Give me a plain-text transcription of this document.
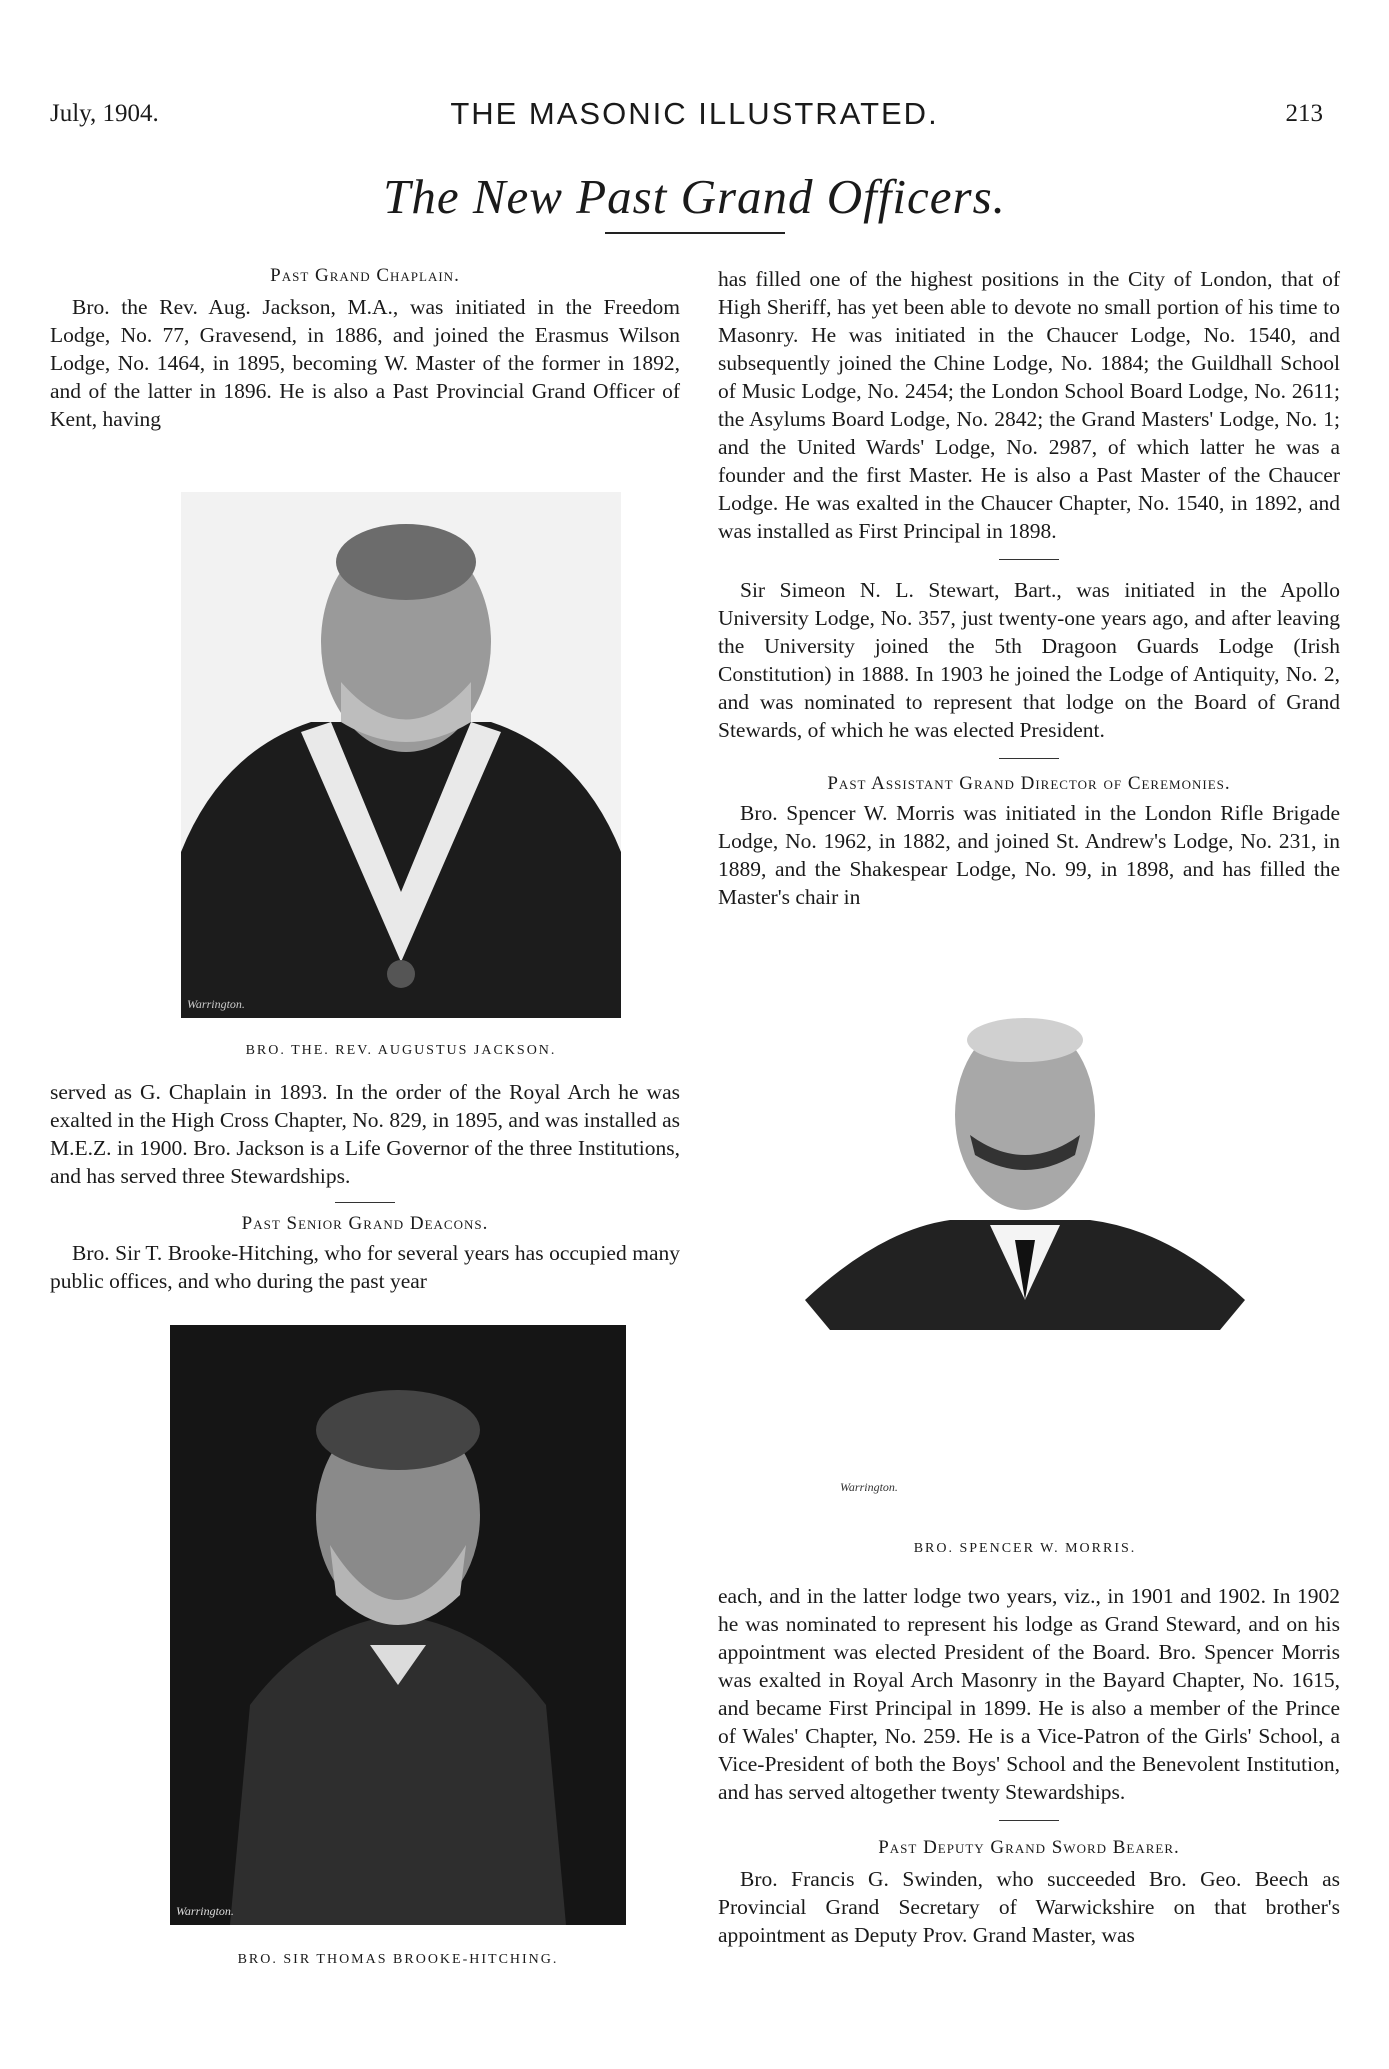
July, 1904.	THE MASONIC ILLUSTRATED.	213
The New Past Grand Officers.
Past Grand Chaplain.

Bro. the Rev. Aug. Jackson, M.A., was initiated in the Freedom Lodge, No. 77, Gravesend, in 1886, and joined the Erasmus Wilson Lodge, No. 1464, in 1895, becoming W. Master of the former in 1892, and of the latter in 1896. He is also a Past Provincial Grand Officer of Kent, having

Warrington.
BRO. THE. REV. AUGUSTUS JACKSON.

served as G. Chaplain in 1893. In the order of the Royal Arch he was exalted in the High Cross Chapter, No. 829, in 1895, and was installed as M.E.Z. in 1900. Bro. Jackson is a Life Governor of the three Institutions, and has served three Stewardships.

Past Senior Grand Deacons.

Bro. Sir T. Brooke-Hitching, who for several years has occupied many public offices, and who during the past year

Warrington.
BRO. SIR THOMAS BROOKE-HITCHING.

has filled one of the highest positions in the City of London, that of High Sheriff, has yet been able to devote no small portion of his time to Masonry. He was initiated in the Chaucer Lodge, No. 1540, and subsequently joined the Chine Lodge, No. 1884; the Guildhall School of Music Lodge, No. 2454; the London School Board Lodge, No. 2611; the Asylums Board Lodge, No. 2842; the Grand Masters' Lodge, No. 1; and the United Wards' Lodge, No. 2987, of which latter he was a founder and the first Master. He is also a Past Master of the Chaucer Lodge. He was exalted in the Chaucer Chapter, No. 1540, in 1892, and was installed as First Principal in 1898.

Sir Simeon N. L. Stewart, Bart., was initiated in the Apollo University Lodge, No. 357, just twenty-one years ago, and after leaving the University joined the 5th Dragoon Guards Lodge (Irish Constitution) in 1888. In 1903 he joined the Lodge of Antiquity, No. 2, and was nominated to represent that lodge on the Board of Grand Stewards, of which he was elected President.

Past Assistant Grand Director of Ceremonies.

Bro. Spencer W. Morris was initiated in the London Rifle Brigade Lodge, No. 1962, in 1882, and joined St. Andrew's Lodge, No. 231, in 1889, and the Shakespear Lodge, No. 99, in 1898, and has filled the Master's chair in

Warrington.
BRO. SPENCER W. MORRIS.

each, and in the latter lodge two years, viz., in 1901 and 1902. In 1902 he was nominated to represent his lodge as Grand Steward, and on his appointment was elected President of the Board. Bro. Spencer Morris was exalted in Royal Arch Masonry in the Bayard Chapter, No. 1615, and became First Principal in 1899. He is also a member of the Prince of Wales' Chapter, No. 259. He is a Vice-Patron of the Girls' School, a Vice-President of both the Boys' School and the Benevolent Institution, and has served altogether twenty Stewardships.

Past Deputy Grand Sword Bearer.

Bro. Francis G. Swinden, who succeeded Bro. Geo. Beech as Provincial Grand Secretary of Warwickshire on that brother's appointment as Deputy Prov. Grand Master, was
